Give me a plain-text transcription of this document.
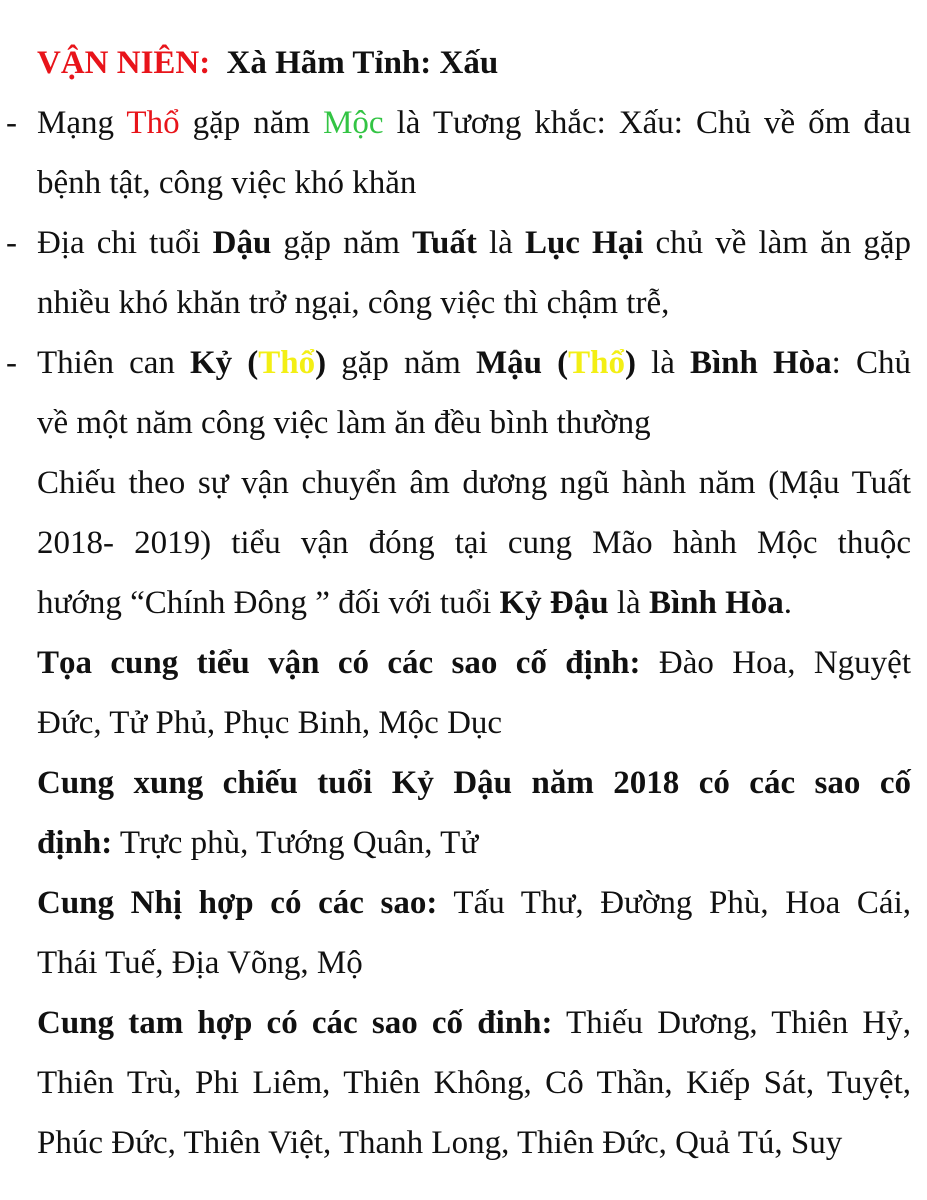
VẬN NIÊN: Xà Hãm Tỉnh: Xấu
- Mạng Thổ gặp năm Mộc là Tương khắc: Xấu: Chủ về ốm đau
bệnh tật, công việc khó khăn
- Địa chi tuổi Dậu gặp năm Tuất là Lục Hại chủ về làm ăn gặp
nhiều khó khăn trở ngại, công việc thì chậm trễ,
- Thiên can Kỷ (Thổ) gặp năm Mậu (Thổ) là Bình Hòa: Chủ
về một năm công việc làm ăn đều bình thường
Chiếu theo sự vận chuyển âm dương ngũ hành năm (Mậu Tuất
2018- 2019) tiểu vận đóng tại cung Mão hành Mộc thuộc
hướng “Chính Đông ” đối với tuổi Kỷ Đậu là Bình Hòa.
Tọa cung tiểu vận có các sao cố định: Đào Hoa, Nguyệt
Đức, Tử Phủ, Phục Binh, Mộc Dục
Cung xung chiếu tuổi Kỷ Dậu năm 2018 có các sao cố
định: Trực phù, Tướng Quân, Tử
Cung Nhị hợp có các sao: Tấu Thư, Đường Phù, Hoa Cái,
Thái Tuế, Địa Võng, Mộ
Cung tam hợp có các sao cố đinh: Thiếu Dương, Thiên Hỷ,
Thiên Trù, Phi Liêm, Thiên Không, Cô Thần, Kiếp Sát, Tuyệt,
Phúc Đức, Thiên Việt, Thanh Long, Thiên Đức, Quả Tú, Suy
